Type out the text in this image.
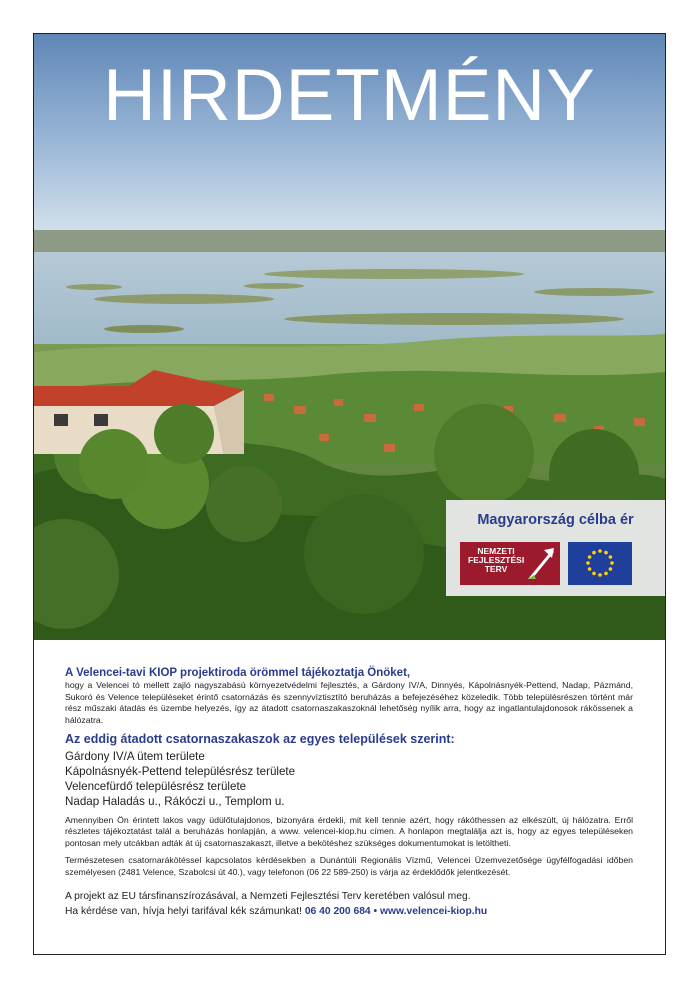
HIRDETMÉNY
Magyarország célba ér
NEMZETI
FEJLESZTÉSI
TERV

A Velencei-tavi KIOP projektiroda örömmel tájékoztatja Önöket,

hogy a Velencei tó mellett zajló nagyszabású környezetvédelmi fejlesztés, a Gárdony IV/A, Dinnyés, Kápolnásnyék-Pettend, Nadap, Pázmánd, Sukoró és Velence településeket érintő csatornázás és szennyvíztisztító beruházás a befejezéséhez közeledik. Több településrészen történt már rész műszaki átadás és üzembe helyezés, így az átadott csatornaszakaszoknál lehetőség nyílik arra, hogy az ingatlantulajdonosok rákössenek a hálózatra.

Az eddig átadott csatornaszakaszok az egyes települések szerint:

Gárdony IV/A ütem területe
Kápolnásnyék-Pettend településrész területe
Velencefürdő településrész területe
Nadap Haladás u., Rákóczi u., Templom u.

Amennyiben Ön érintett lakos vagy üdülőtulajdonos, bizonyára érdekli, mit kell tennie azért, hogy rákóthessen az elkészült, új hálózatra. Erről részletes tájékoztatást talál a beruházás honlapján, a www. velencei-kiop.hu címen. A honlapon megtalálja azt is, hogy az egyes településeken pontosan mely utcákban adták át új csatornaszakaszt, illetve a bekötéshez szükséges dokumentumokat is letöltheti.

Természetesen csatornarákötéssel kapcsolatos kérdésekben a Dunántúli Regionális Vízmű, Velencei Üzemvezetősége ügyfélfogadási időben személyesen (2481 Velence, Szabolcsi út 40.), vagy telefonon (06 22 589-250) is várja az érdeklődők jelentkezését.

A projekt az EU társfinanszírozásával, a Nemzeti Fejlesztési Terv keretében valósul meg.

Ha kérdése van, hívja helyi tarifával kék számunkat! 06 40 200 684 • www.velencei-kiop.hu
